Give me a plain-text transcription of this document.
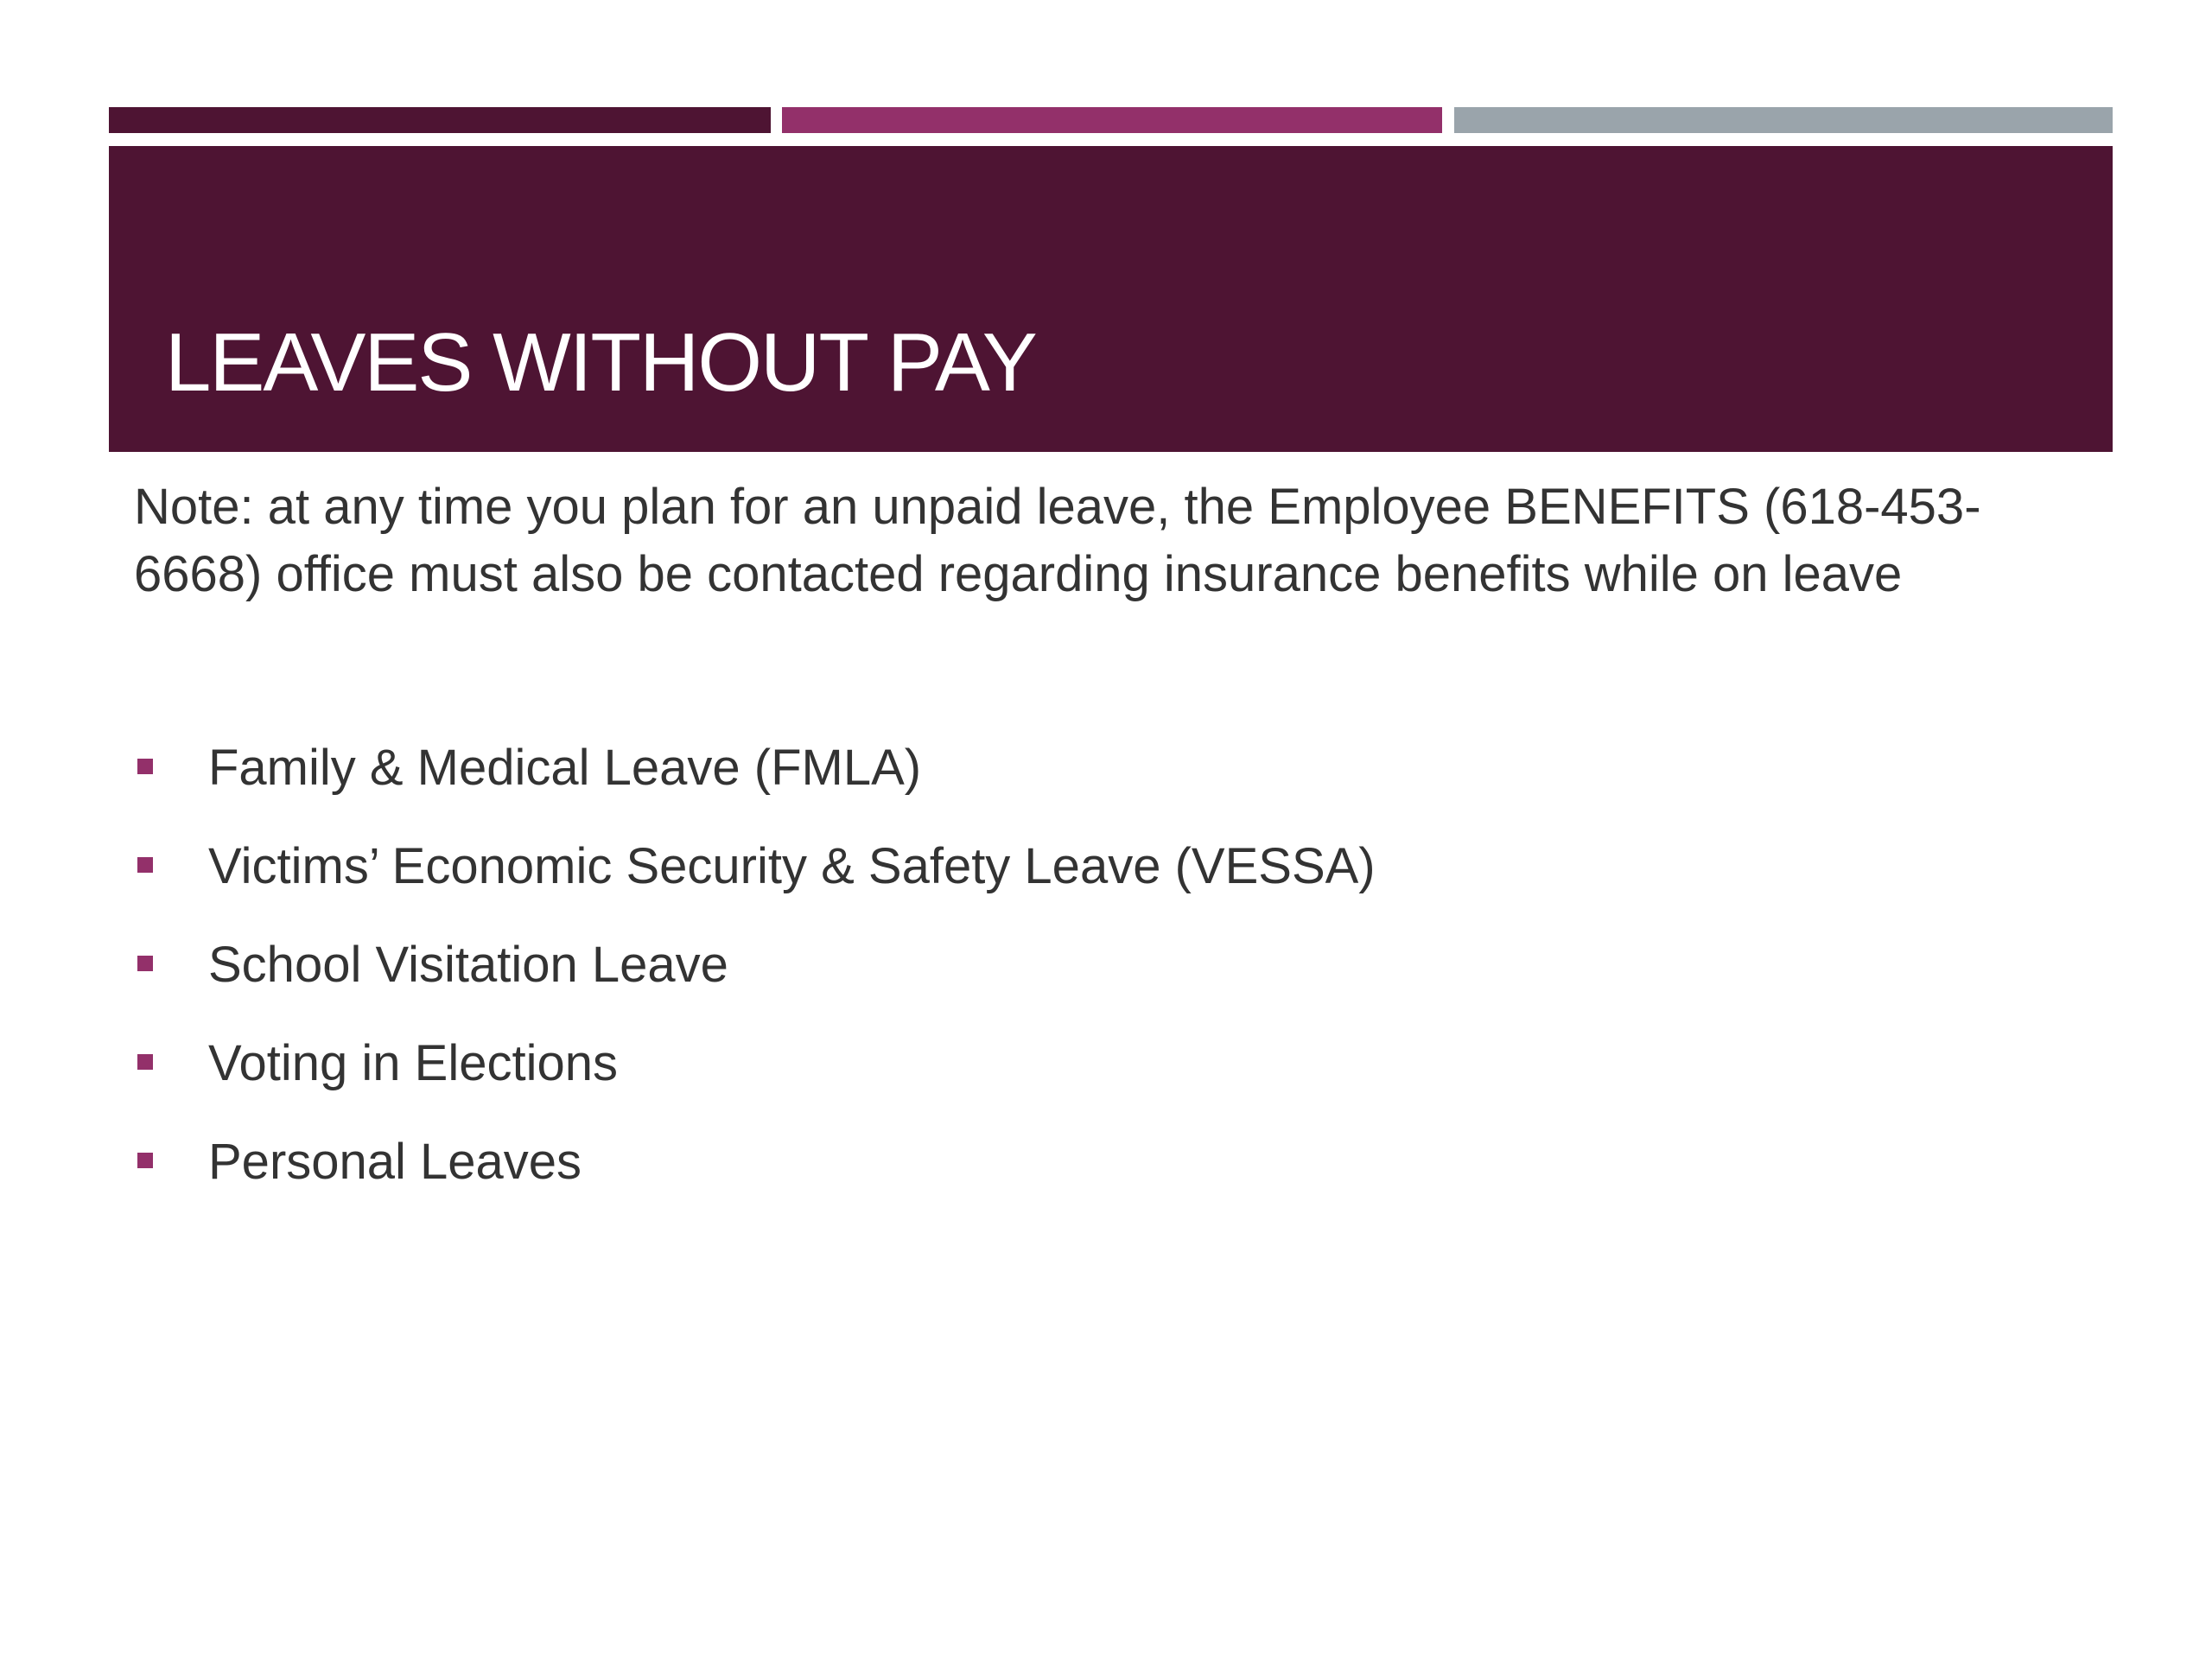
LEAVES WITHOUT PAY

Note: at any time you plan for an unpaid leave, the Employee BENEFITS (618-453-6668) office must also be contacted regarding insurance benefits while on leave

Family & Medical Leave (FMLA)
Victims’ Economic Security & Safety Leave (VESSA)
School Visitation Leave
Voting in Elections
Personal Leaves
